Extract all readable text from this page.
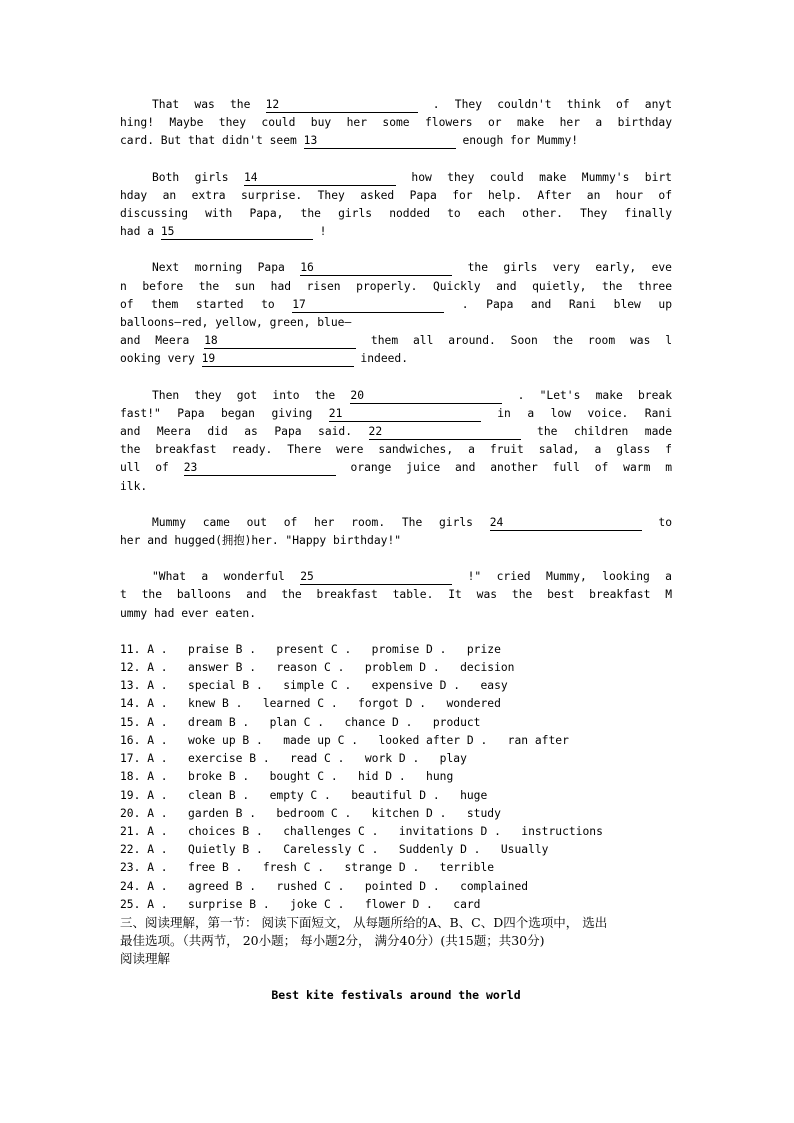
That was the 12	. They couldn't think of anyt
hing! Maybe they could buy her some flowers or make her a birthday
card. But that didn't seem 13	enough for Mummy!
Both girls 14	how they could make Mummy's birt
hday an extra surprise. They asked Papa for help. After an hour of
discussing with Papa, the girls nodded to each other. They finally
had a 15	!
Next morning Papa 16	the girls very early, eve
n before the sun had risen properly. Quickly and quietly, the three
of them started to 17	. Papa and Rani blew up
balloons—red, yellow, green, blue—
and Meera 18	them all around. Soon the room was l
ooking very 19	indeed.
Then they got into the 20	. "Let's make break
fast!" Papa began giving 21	in a low voice. Rani
and Meera did as Papa said. 22	the children made
the breakfast ready. There were sandwiches, a fruit salad, a glass f
ull of 23	orange juice and another full of warm m
ilk.
Mummy came out of her room. The girls 24	to
her and hugged(拥抱)her. "Happy birthday!"
"What a wonderful 25	!" cried Mummy, looking a
t the balloons and the breakfast table. It was the best breakfast M
ummy had ever eaten.
11. A .   praise B .   present C .   promise D .   prize
12. A .   answer B .   reason C .   problem D .   decision
13. A .   special B .   simple C .   expensive D .   easy
14. A .   knew B .   learned C .   forgot D .   wondered
15. A .   dream B .   plan C .   chance D .   product
16. A .   woke up B .   made up C .   looked after D .   ran after
17. A .   exercise B .   read C .   work D .   play
18. A .   broke B .   bought C .   hid D .   hung
19. A .   clean B .   empty C .   beautiful D .   huge
20. A .   garden B .   bedroom C .   kitchen D .   study
21. A .   choices B .   challenges C .   invitations D .   instructions
22. A .   Quietly B .   Carelessly C .   Suddenly D .   Usually
23. A .   free B .   fresh C .   strange D .   terrible
24. A .   agreed B .   rushed C .   pointed D .   complained
25. A .   surprise B .   joke C .   flower D .   card

三、阅读理解，第一节： 阅读下面短文， 从每题所给的A、B、C、D四个选项中， 选出

最佳选项。（共两节， 20小题； 每小题2分， 满分40分）(共15题；共30分)

阅读理解

Best kite festivals around the world
